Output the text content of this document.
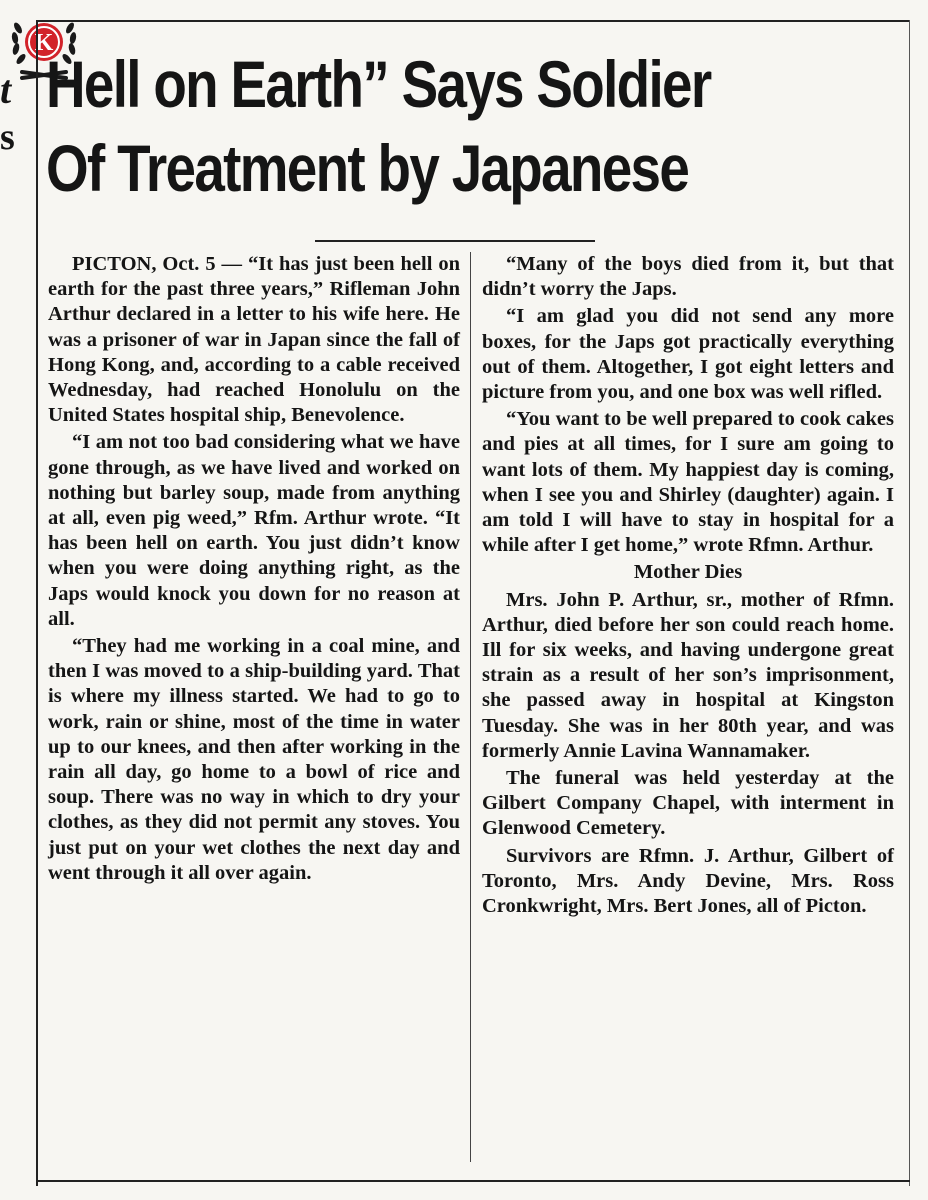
K
t
s
Hell on Earth” Says Soldier
Of Treatment by Japanese

PICTON, Oct. 5 — “It has just been hell on earth for the past three years,” Rifleman John Arthur declared in a letter to his wife here. He was a prisoner of war in Japan since the fall of Hong Kong, and, according to a cable received Wednesday, had reached Honolulu on the United States hospital ship, Benevolence.

“I am not too bad considering what we have gone through, as we have lived and worked on nothing but barley soup, made from anything at all, even pig weed,” Rfm. Arthur wrote. “It has been hell on earth. You just didn’t know when you were doing anything right, as the Japs would knock you down for no reason at all.

“They had me working in a coal mine, and then I was moved to a ship-building yard. That is where my illness started. We had to go to work, rain or shine, most of the time in water up to our knees, and then after working in the rain all day, go home to a bowl of rice and soup. There was no way in which to dry your clothes, as they did not permit any stoves. You just put on your wet clothes the next day and went through it all over again.

“Many of the boys died from it, but that didn’t worry the Japs.

“I am glad you did not send any more boxes, for the Japs got practically everything out of them. Altogether, I got eight letters and picture from you, and one box was well rifled.

“You want to be well prepared to cook cakes and pies at all times, for I sure am going to want lots of them. My happiest day is coming, when I see you and Shirley (daughter) again. I am told I will have to stay in hospital for a while after I get home,” wrote Rfmn. Arthur.

Mother Dies

Mrs. John P. Arthur, sr., mother of Rfmn. Arthur, died before her son could reach home. Ill for six weeks, and having undergone great strain as a result of her son’s imprisonment, she passed away in hospital at Kingston Tuesday. She was in her 80th year, and was formerly Annie Lavina Wannamaker.

The funeral was held yesterday at the Gilbert Company Chapel, with interment in Glenwood Cemetery.

Survivors are Rfmn. J. Arthur, Gilbert of Toronto, Mrs. Andy Devine, Mrs. Ross Cronkwright, Mrs. Bert Jones, all of Picton.
